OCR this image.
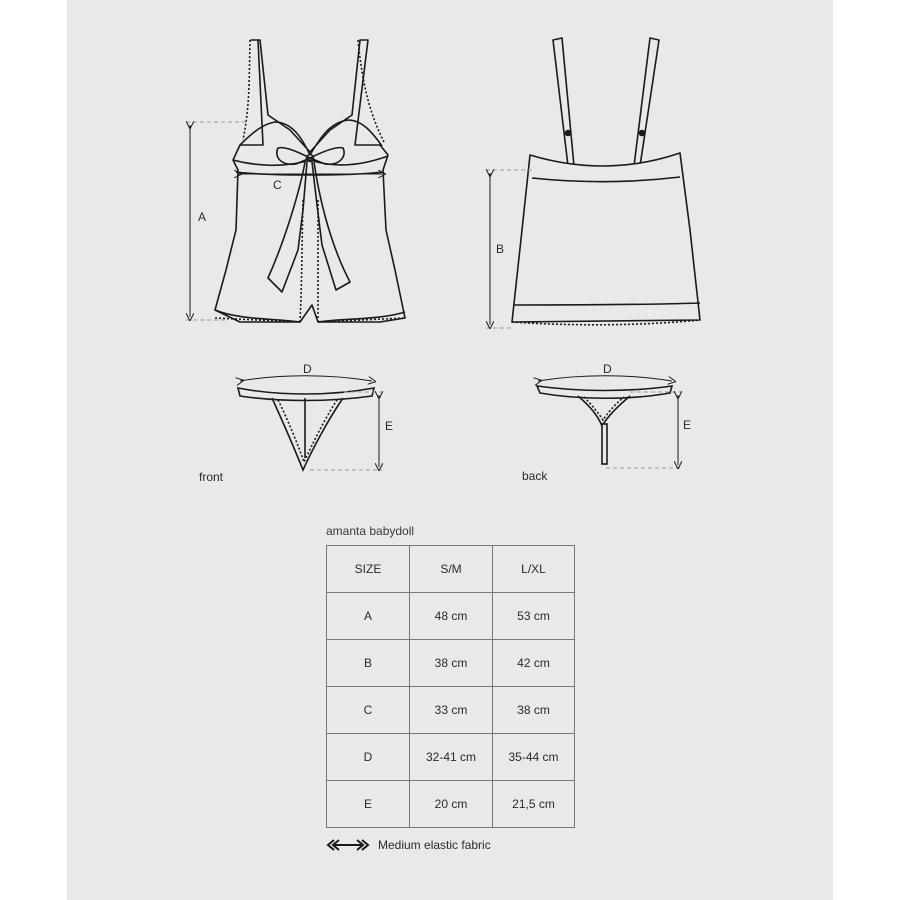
A
C
B
D
E
D
E
front	back
amanta babydoll
SIZE	S/M	L/XL
A	48 cm	53 cm
B	38 cm	42 cm
C	33 cm	38 cm
D	32-41 cm	35-44 cm
E	20 cm	21,5 cm
Medium elastic fabric
